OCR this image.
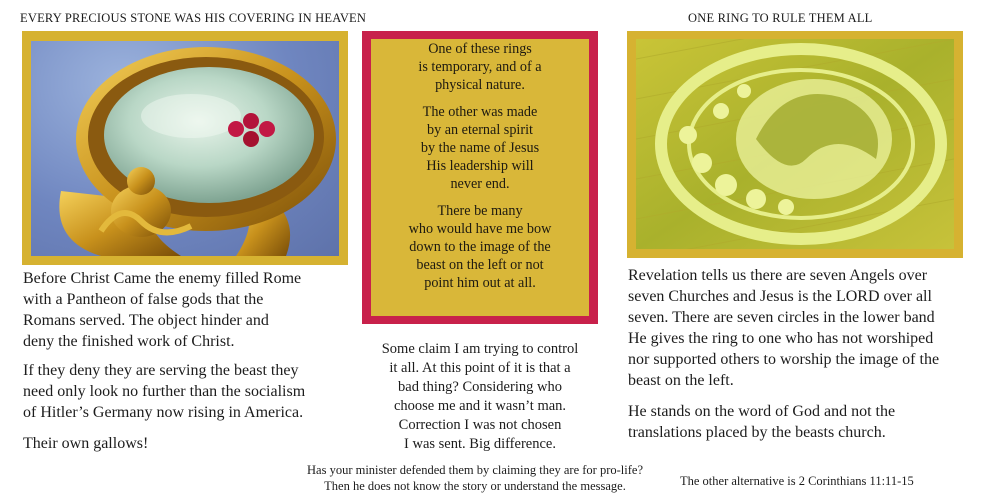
EVERY PRECIOUS STONE WAS HIS COVERING IN HEAVEN	ONE RING TO RULE THEM ALL

One of these rings
is temporary, and of a
physical nature.

The other was made
by an eternal spirit
by the name of Jesus
His leadership will
never end.

There be many
who would have me bow
down to the image of the
beast on the left or not
point him out at all.

Before Christ Came the enemy filled Rome
with a Pantheon of false gods that the
Romans served. The object hinder and
deny the finished work of Christ.

If they deny they are serving the beast they
need only look no further than the socialism
of Hitler’s Germany now rising in America.

Their own gallows!

Some claim I am trying to control
it all. At this point of it is that a
bad thing? Considering who
choose me and it wasn’t man.
Correction I was not chosen
I was sent. Big difference.

Revelation tells us there are seven Angels over
seven Churches and Jesus is the LORD over all
seven. There are seven circles in the lower band
He gives the ring to one who has not worshiped
nor supported others to worship the image of the
beast on the left.

He stands on the word of God and not the
translations placed by the beasts church.

Has your minister defended them by claiming they are for pro-life?
Then he does not know the story or understand the message.	The other alternative is 2 Corinthians 11:11-15
